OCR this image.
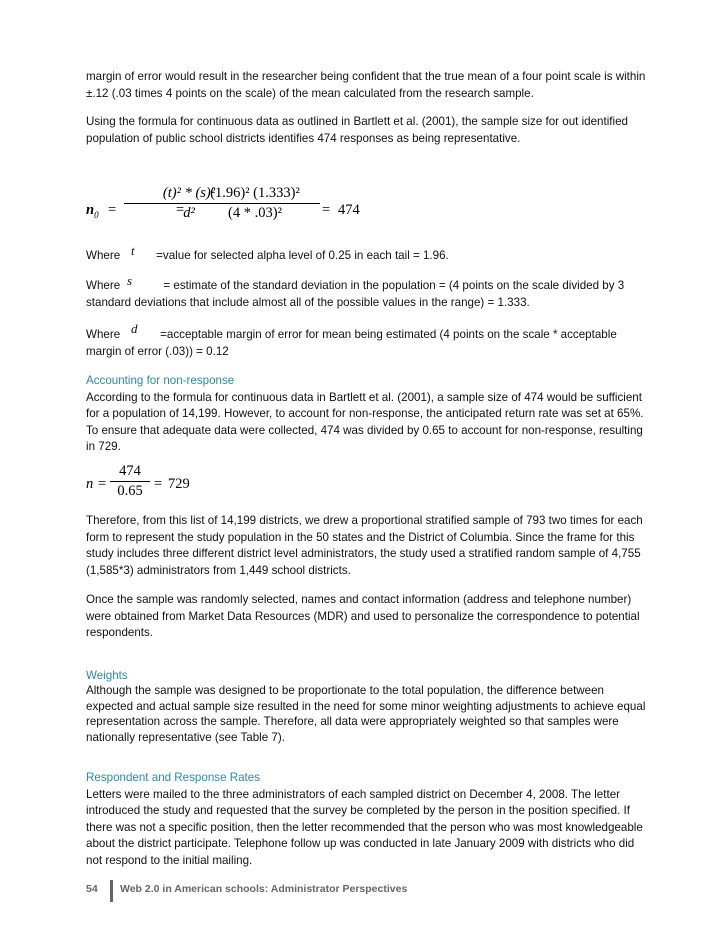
margin of error would result in the researcher being confident that the true mean of a four point scale is within ±.12 (.03 times 4 points on the scale) of the mean calculated from the research sample.

Using the formula for continuous data as outlined in Bartlett et al. (2001), the sample size for out identified population of public school districts identifies 474 responses as being representative.

$n_0$ =
(t)² * (s)²
d²
=
(1.96)² (1.333)²
(4 * .03)²	= 474

Where	=value for selected alpha level of 0.25 in each tail = 1.96.

t

Where	= estimate of the standard deviation in the population = (4 points on the scale divided by 3 standard deviations that include almost all of the possible values in the range) = 1.333.

s

Where	=acceptable margin of error for mean being estimated (4 points on the scale * acceptable margin of error (.03)) = 0.12

d

Accounting for non-response
According to the formula for continuous data in Bartlett et al. (2001), a sample size of 474 would be sufficient for a population of 14,199. However, to account for non-response, the anticipated return rate was set at 65%. To ensure that adequate data were collected, 474 was divided by 0.65 to account for non-response, resulting in 729.

n =
474
0.65 = 729

Therefore, from this list of 14,199 districts, we drew a proportional stratified sample of 793 two times for each form to represent the study population in the 50 states and the District of Columbia. Since the frame for this study includes three different district level administrators, the study used a stratified random sample of 4,755 (1,585*3) administrators from 1,449 school districts.

Once the sample was randomly selected, names and contact information (address and telephone number) were obtained from Market Data Resources (MDR) and used to personalize the correspondence to potential respondents.

Weights
Although the sample was designed to be proportionate to the total population, the difference between expected and actual sample size resulted in the need for some minor weighting adjustments to achieve equal representation across the sample. Therefore, all data were appropriately weighted so that samples were nationally representative (see Table 7).

Respondent and Response Rates
Letters were mailed to the three administrators of each sampled district on December 4, 2008. The letter introduced the study and requested that the survey be completed by the person in the position specified. If there was not a specific position, then the letter recommended that the person who was most knowledgeable about the district participate. Telephone follow up was conducted in late January 2009 with districts who did not respond to the initial mailing.

54 Web 2.0 in American schools: Administrator Perspectives
